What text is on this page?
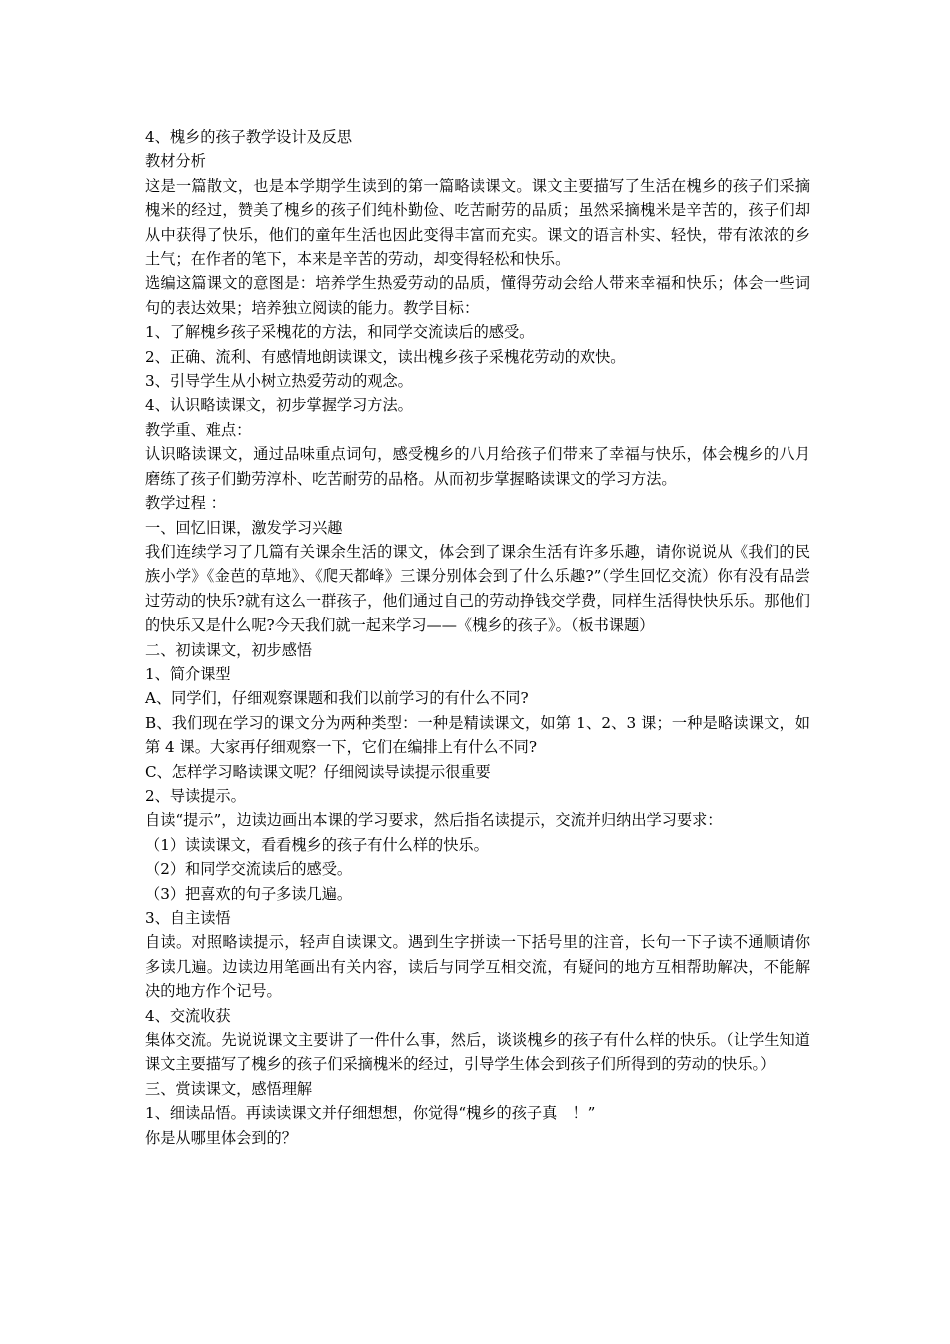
4、槐乡的孩子教学设计及反思

教材分析

这是一篇散文，也是本学期学生读到的第一篇略读课文。课文主要描写了生活在槐乡的孩子们采摘槐米的经过，赞美了槐乡的孩子们纯朴勤俭、吃苦耐劳的品质；虽然采摘槐米是辛苦的，孩子们却从中获得了快乐，他们的童年生活也因此变得丰富而充实。课文的语言朴实、轻快，带有浓浓的乡土气；在作者的笔下，本来是辛苦的劳动，却变得轻松和快乐。

选编这篇课文的意图是：培养学生热爱劳动的品质，懂得劳动会给人带来幸福和快乐；体会一些词句的表达效果；培养独立阅读的能力。教学目标：

1、了解槐乡孩子采槐花的方法，和同学交流读后的感受。

2、正确、流利、有感情地朗读课文，读出槐乡孩子采槐花劳动的欢快。

3、引导学生从小树立热爱劳动的观念。

4、认识略读课文，初步掌握学习方法。

教学重、难点：

认识略读课文，通过品味重点词句，感受槐乡的八月给孩子们带来了幸福与快乐，体会槐乡的八月磨练了孩子们勤劳淳朴、吃苦耐劳的品格。从而初步掌握略读课文的学习方法。

教学过程 ：

一、回忆旧课，激发学习兴趣

我们连续学习了几篇有关课余生活的课文，体会到了课余生活有许多乐趣，请你说说从《我们的民族小学》《金芭的草地》、《爬天都峰》三课分别体会到了什么乐趣?”（学生回忆交流）你有没有品尝过劳动的快乐?就有这么一群孩子，他们通过自己的劳动挣钱交学费，同样生活得快快乐乐。那他们的快乐又是什么呢?今天我们就一起来学习——《槐乡的孩子》。（板书课题）

二、初读课文，初步感悟

1、简介课型

A、同学们，仔细观察课题和我们以前学习的有什么不同?

B、我们现在学习的课文分为两种类型：一种是精读课文，如第 1、2、3 课；一种是略读课文，如第 4 课。大家再仔细观察一下，它们在编排上有什么不同?

C、怎样学习略读课文呢？仔细阅读导读提示很重要

2、导读提示。

自读“提示”，边读边画出本课的学习要求，然后指名读提示，交流并归纳出学习要求：

（1）读读课文，看看槐乡的孩子有什么样的快乐。

（2）和同学交流读后的感受。

（3）把喜欢的句子多读几遍。

3、自主读悟

自读。对照略读提示，轻声自读课文。遇到生字拼读一下括号里的注音，长句一下子读不通顺请你多读几遍。边读边用笔画出有关内容，读后与同学互相交流，有疑问的地方互相帮助解决，不能解决的地方作个记号。

4、交流收获

集体交流。先说说课文主要讲了一件什么事，然后，谈谈槐乡的孩子有什么样的快乐。（让学生知道课文主要描写了槐乡的孩子们采摘槐米的经过，引导学生体会到孩子们所得到的劳动的快乐。）

三、赏读课文，感悟理解

1、细读品悟。再读读课文并仔细想想，你觉得“槐乡的孩子真　！”

你是从哪里体会到的？
